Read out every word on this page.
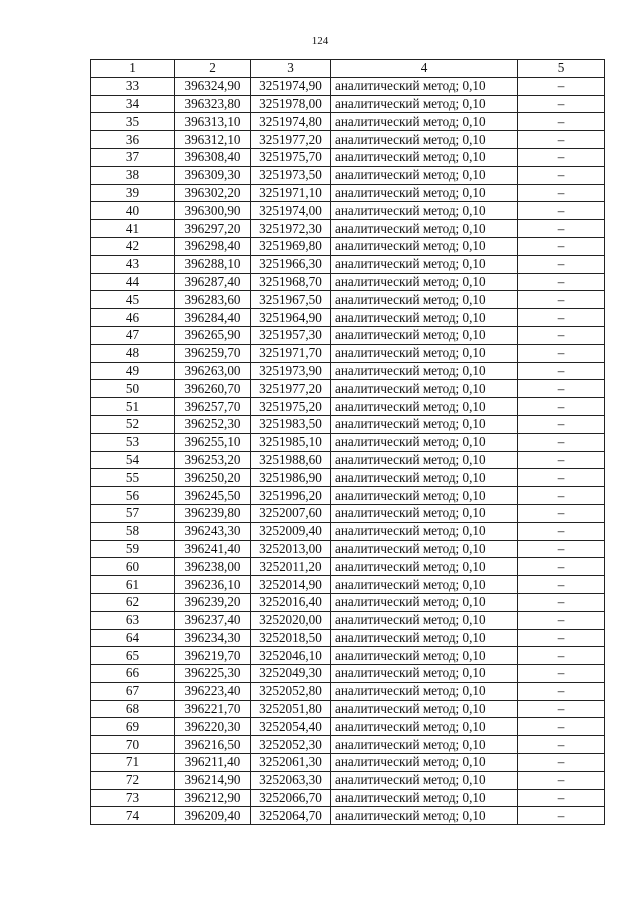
124
1	2	3	4	5
33	396324,90	3251974,90	аналитический метод; 0,10	–
34	396323,80	3251978,00	аналитический метод; 0,10	–
35	396313,10	3251974,80	аналитический метод; 0,10	–
36	396312,10	3251977,20	аналитический метод; 0,10	–
37	396308,40	3251975,70	аналитический метод; 0,10	–
38	396309,30	3251973,50	аналитический метод; 0,10	–
39	396302,20	3251971,10	аналитический метод; 0,10	–
40	396300,90	3251974,00	аналитический метод; 0,10	–
41	396297,20	3251972,30	аналитический метод; 0,10	–
42	396298,40	3251969,80	аналитический метод; 0,10	–
43	396288,10	3251966,30	аналитический метод; 0,10	–
44	396287,40	3251968,70	аналитический метод; 0,10	–
45	396283,60	3251967,50	аналитический метод; 0,10	–
46	396284,40	3251964,90	аналитический метод; 0,10	–
47	396265,90	3251957,30	аналитический метод; 0,10	–
48	396259,70	3251971,70	аналитический метод; 0,10	–
49	396263,00	3251973,90	аналитический метод; 0,10	–
50	396260,70	3251977,20	аналитический метод; 0,10	–
51	396257,70	3251975,20	аналитический метод; 0,10	–
52	396252,30	3251983,50	аналитический метод; 0,10	–
53	396255,10	3251985,10	аналитический метод; 0,10	–
54	396253,20	3251988,60	аналитический метод; 0,10	–
55	396250,20	3251986,90	аналитический метод; 0,10	–
56	396245,50	3251996,20	аналитический метод; 0,10	–
57	396239,80	3252007,60	аналитический метод; 0,10	–
58	396243,30	3252009,40	аналитический метод; 0,10	–
59	396241,40	3252013,00	аналитический метод; 0,10	–
60	396238,00	3252011,20	аналитический метод; 0,10	–
61	396236,10	3252014,90	аналитический метод; 0,10	–
62	396239,20	3252016,40	аналитический метод; 0,10	–
63	396237,40	3252020,00	аналитический метод; 0,10	–
64	396234,30	3252018,50	аналитический метод; 0,10	–
65	396219,70	3252046,10	аналитический метод; 0,10	–
66	396225,30	3252049,30	аналитический метод; 0,10	–
67	396223,40	3252052,80	аналитический метод; 0,10	–
68	396221,70	3252051,80	аналитический метод; 0,10	–
69	396220,30	3252054,40	аналитический метод; 0,10	–
70	396216,50	3252052,30	аналитический метод; 0,10	–
71	396211,40	3252061,30	аналитический метод; 0,10	–
72	396214,90	3252063,30	аналитический метод; 0,10	–
73	396212,90	3252066,70	аналитический метод; 0,10	–
74	396209,40	3252064,70	аналитический метод; 0,10	–
